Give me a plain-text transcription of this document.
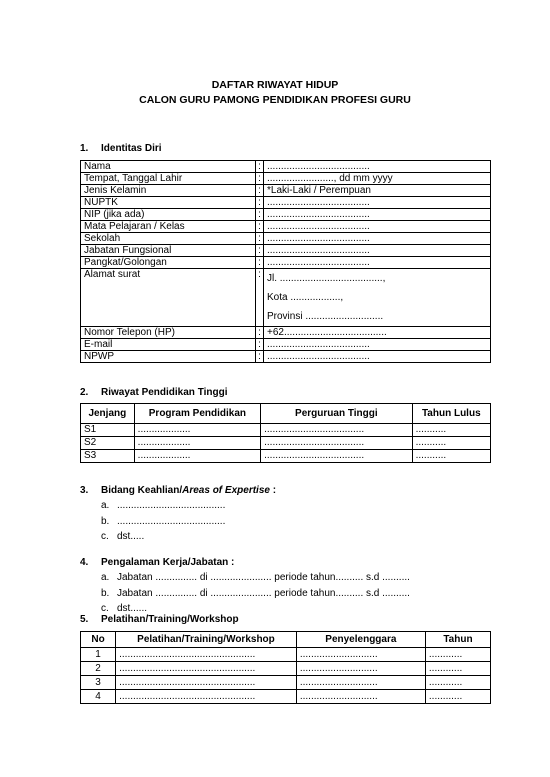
DAFTAR RIWAYAT HIDUP
CALON GURU PAMONG PENDIDIKAN PROFESI GURU
1. Identitas Diri
Nama	:	.....................................
Tempat, Tanggal Lahir	:	........................, dd mm yyyy
Jenis Kelamin	:	*Laki-Laki / Perempuan
NUPTK	:	.....................................
NIP (jika ada)	:	.....................................
Mata Pelajaran / Kelas	:	.....................................
Sekolah	:	.....................................
Jabatan Fungsional	:	.....................................
Pangkat/Golongan	:	.....................................
Alamat surat	:	Jl. .....................................,
Kota ..................,
Provinsi ............................

Nomor Telepon (HP)	:	+62.....................................
E-mail	:	.....................................
NPWP	:	.....................................
2. Riwayat Pendidikan Tinggi
Jenjang	Program Pendidikan	Perguruan Tinggi	Tahun Lulus
S1	...................	....................................	...........
S2	...................	....................................	...........
S3	...................	....................................	...........
3. Bidang Keahlian/Areas of Expertise :
a. .......................................
b. .......................................
c. dst.....
4. Pengalaman Kerja/Jabatan :
a. Jabatan ............... di ...................... periode tahun.......... s.d ..........
b. Jabatan ............... di ...................... periode tahun.......... s.d ..........
c. dst......
5. Pelatihan/Training/Workshop
No	Pelatihan/Training/Workshop	Penyelenggara	Tahun
1	.................................................	............................	............
2	.................................................	............................	............
3	.................................................	............................	............
4	.................................................	............................	............
